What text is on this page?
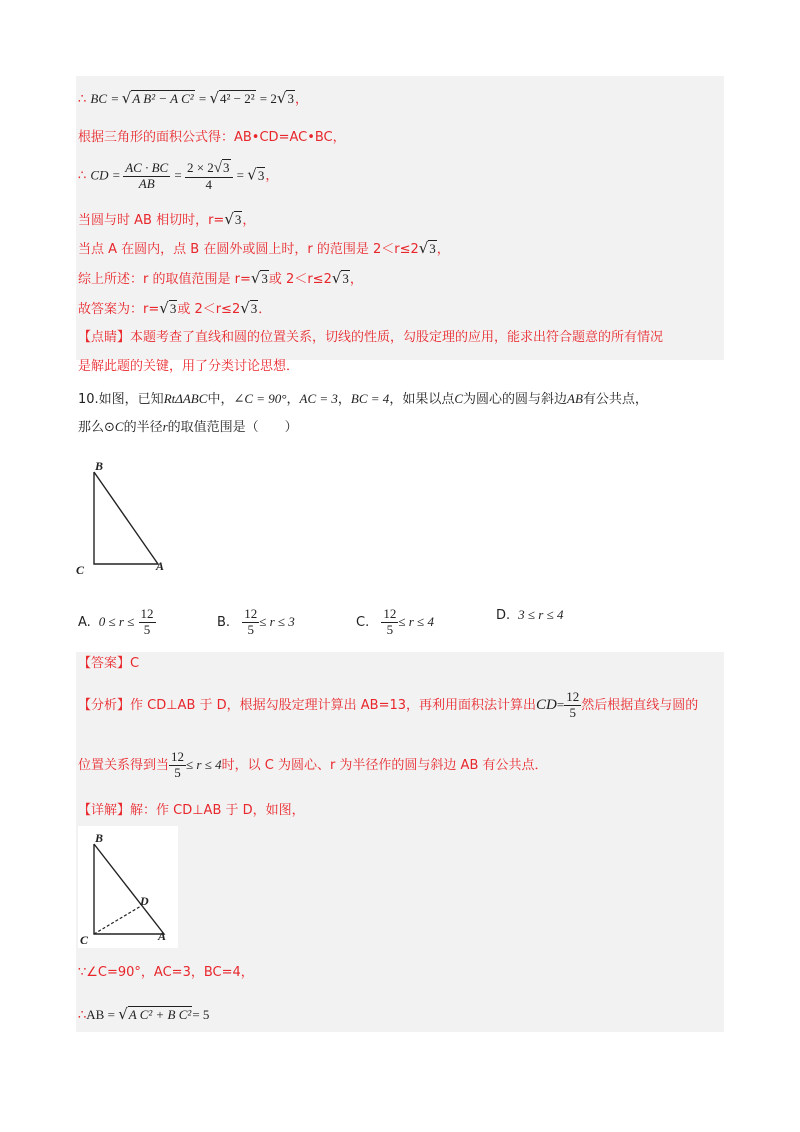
∴ BC = √A B² − A C² = √4² − 2² = 2√3，
根据三角形的面积公式得：AB•CD=AC•BC，
∴ CD = $\frac{AC \cdot BC}{AB} = \frac{2 \times 2√3}{4} = √3$，
当圆与时 AB 相切时，r=√3，
当点 A 在圆内，点 B 在圆外或圆上时，r 的范围是 2＜r≤2√3，
综上所述：r 的取值范围是 r=√3或 2＜r≤2√3，
故答案为：r=√3或 2＜r≤2√3．
【点睛】本题考查了直线和圆的位置关系，切线的性质，勾股定理的应用，能求出符合题意的所有情况
是解此题的关键，用了分类讨论思想．
10.如图，已知RtΔABC中，∠C = 90°，AC = 3，BC = 4，如果以点C为圆心的圆与斜边AB有公共点，
那么⊙C的半径r的取值范围是（　　）
B
C	A
A. $0 \le r \le \frac{12}{5}$	B. $\frac{12}{5} \le r \le 3$	C. $\frac{12}{5} \le r \le 4$	D. 3 ≤ r ≤ 4
【答案】C
【分析】作 CD⊥AB 于 D，根据勾股定理计算出 AB=13，再利用面积法计算出$CD= \frac{12}{5}$ 然后根据直线与圆的
位置关系得到当 $\frac{12}{5} \le r \le 4$时，以 C 为圆心、r 为半径作的圆与斜边 AB 有公共点．
【详解】解：作 CD⊥AB 于 D，如图，
B
D
C	A
∵∠C=90°，AC=3，BC=4，
∴AB = √A C² + B C²= 5
